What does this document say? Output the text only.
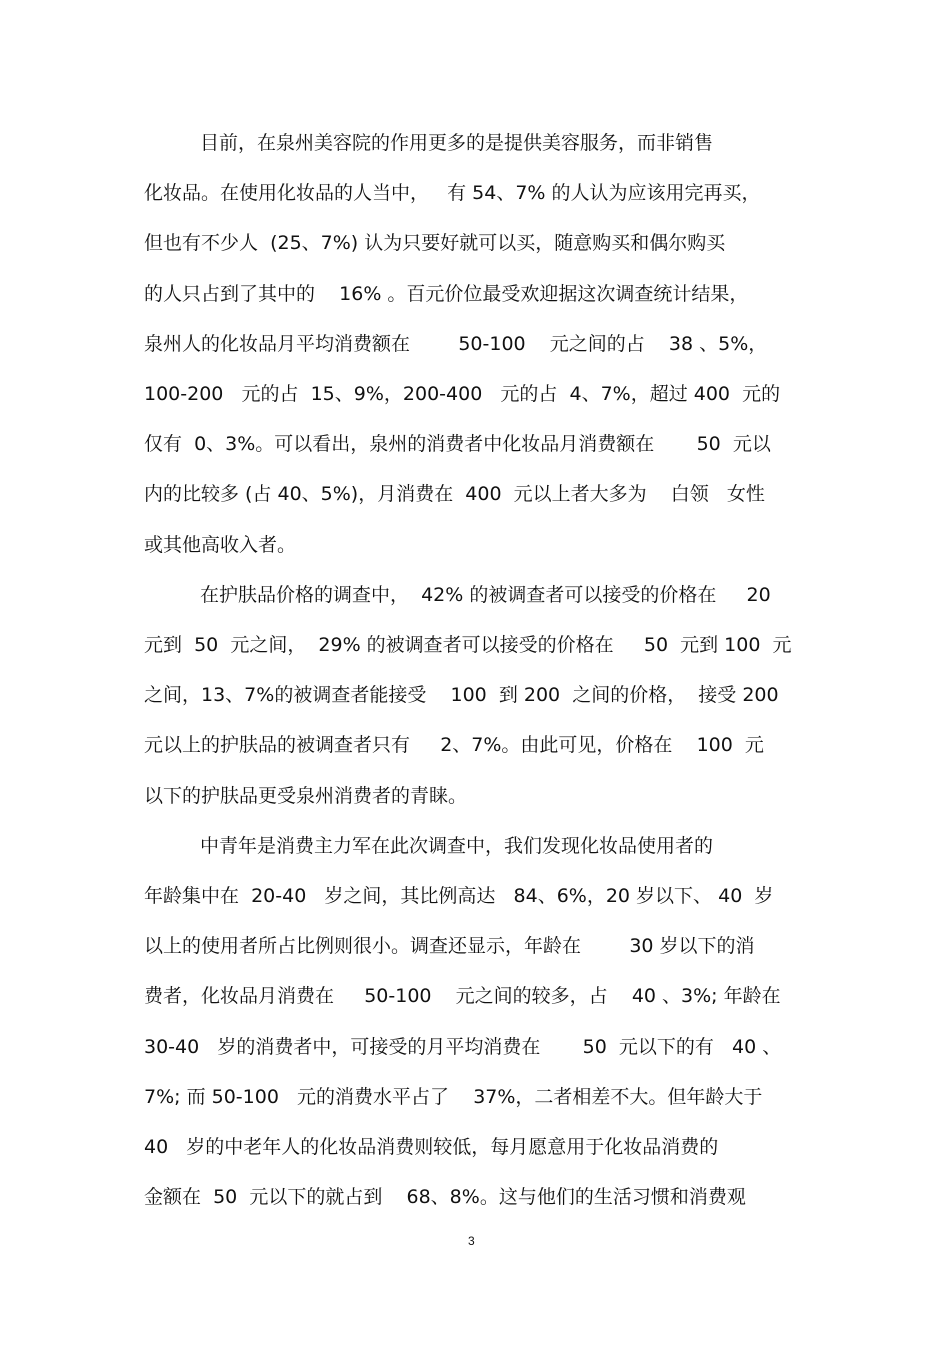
目前，在泉州美容院的作用更多的是提供美容服务，而非销售
化妆品。在使用化妆品的人当中，   有 54、7% 的人认为应该用完再买，
但也有不少人  (25、7%) 认为只要好就可以买，随意购买和偶尔购买
的人只占到了其中的    16% 。百元价位最受欢迎据这次调查统计结果，
泉州人的化妆品月平均消费额在        50-100    元之间的占    38 、5%，
100-200   元的占  15、9%，200-400   元的占  4、7%，超过 400  元的
仅有  0、3%。可以看出，泉州的消费者中化妆品月消费额在       50  元以
内的比较多 (占 40、5%)，月消费在  400  元以上者大多为    白领   女性
或其他高收入者。
在护肤品价格的调查中，  42% 的被调查者可以接受的价格在     20
元到  50  元之间，  29% 的被调查者可以接受的价格在     50  元到 100  元
之间，13、7%的被调查者能接受    100  到 200  之间的价格，  接受 200
元以上的护肤品的被调查者只有     2、7%。由此可见，价格在    100  元
以下的护肤品更受泉州消费者的青睐。
中青年是消费主力军在此次调查中，我们发现化妆品使用者的
年龄集中在  20-40   岁之间，其比例高达   84、6%，20 岁以下、 40  岁
以上的使用者所占比例则很小。调查还显示，年龄在        30 岁以下的消
费者，化妆品月消费在     50-100    元之间的较多，占    40 、3%; 年龄在
30-40   岁的消费者中，可接受的月平均消费在       50  元以下的有   40 、
7%; 而 50-100   元的消费水平占了    37%，二者相差不大。但年龄大于
40   岁的中老年人的化妆品消费则较低，每月愿意用于化妆品消费的
金额在  50  元以下的就占到    68、8%。这与他们的生活习惯和消费观
3
